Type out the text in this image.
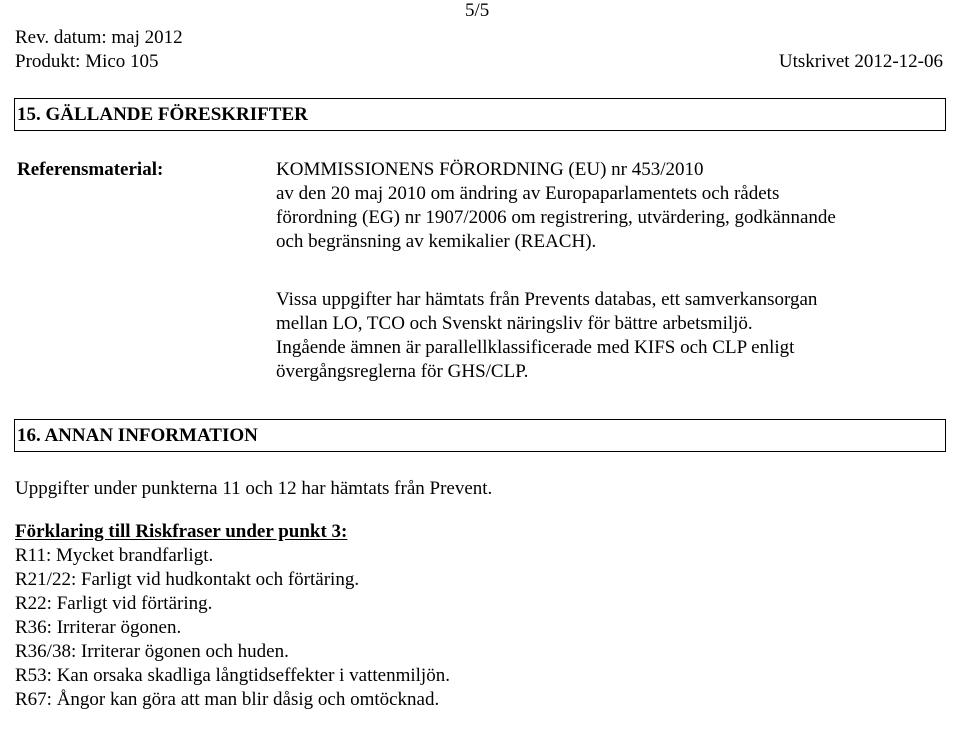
5/5
Rev. datum: maj 2012
Produkt: Mico 105	Utskrivet 2012-12-06
15. GÄLLANDE FÖRESKRIFTER
Referensmaterial:	KOMMISSIONENS FÖRORDNING (EU) nr 453/2010
av den 20 maj 2010 om ändring av Europaparlamentets och rådets
förordning (EG) nr 1907/2006 om registrering, utvärdering, godkännande
och begränsning av kemikalier (REACH).
Vissa uppgifter har hämtats från Prevents databas, ett samverkansorgan
mellan LO, TCO och Svenskt näringsliv för bättre arbetsmiljö.
Ingående ämnen är parallellklassificerade med KIFS och CLP enligt
övergångsreglerna för GHS/CLP.
16. ANNAN INFORMATION
Uppgifter under punkterna 11 och 12 har hämtats från Prevent.
Förklaring till Riskfraser under punkt 3:
R11: Mycket brandfarligt.
R21/22: Farligt vid hudkontakt och förtäring.
R22: Farligt vid förtäring.
R36: Irriterar ögonen.
R36/38: Irriterar ögonen och huden.
R53: Kan orsaka skadliga långtidseffekter i vattenmiljön.
R67: Ångor kan göra att man blir dåsig och omtöcknad.
